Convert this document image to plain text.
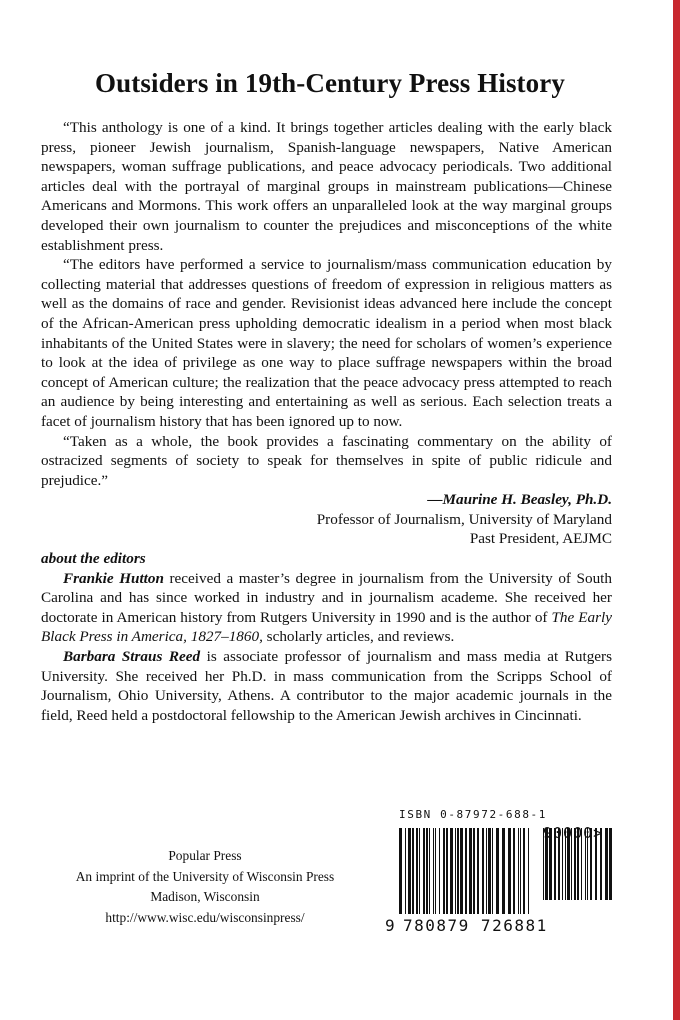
Outsiders in 19th-Century Press History

“This anthology is one of a kind. It brings together articles dealing with the early black press, pioneer Jewish journalism, Spanish-language newspapers, Native American newspapers, woman suffrage publications, and peace advocacy periodicals. Two additional articles deal with the portrayal of marginal groups in mainstream publications—Chinese Americans and Mormons. This work offers an unparalleled look at the way marginal groups developed their own journalism to counter the prejudices and misconceptions of the white establishment press.

“The editors have performed a service to journalism/mass communication education by collecting material that addresses questions of freedom of expression in religious matters as well as the domains of race and gender. Revisionist ideas advanced here include the concept of the African-American press upholding democratic idealism in a period when most black inhabitants of the United States were in slavery; the need for scholars of women’s experience to look at the idea of privilege as one way to place suffrage newspapers within the broad concept of American culture; the realization that the peace advocacy press attempted to reach an audience by being interesting and entertaining as well as serious. Each selection treats a facet of journalism history that has been ignored up to now.

“Taken as a whole, the book provides a fascinating commentary on the ability of ostracized segments of society to speak for themselves in spite of public ridicule and prejudice.”

—Maurine H. Beasley, Ph.D.

Professor of Journalism, University of Maryland

Past President, AEJMC

about the editors

Frankie Hutton received a master’s degree in journalism from the University of South Carolina and has since worked in industry and in journalism academe. She received her doctorate in American history from Rutgers University in 1990 and is the author of The Early Black Press in America, 1827–1860, scholarly articles, and reviews.

Barbara Straus Reed is associate professor of journalism and mass media at Rutgers University. She received her Ph.D. in mass communication from the Scripps School of Journalism, Ohio University, Athens. A contributor to the major academic journals in the field, Reed held a postdoctoral fellowship to the American Jewish archives in Cincinnati.

Popular Press
An imprint of the University of Wisconsin Press
Madison, Wisconsin
http://www.wisc.edu/wisconsinpress/
ISBN 0-87972-688-1
90000>
9 780879 726881
